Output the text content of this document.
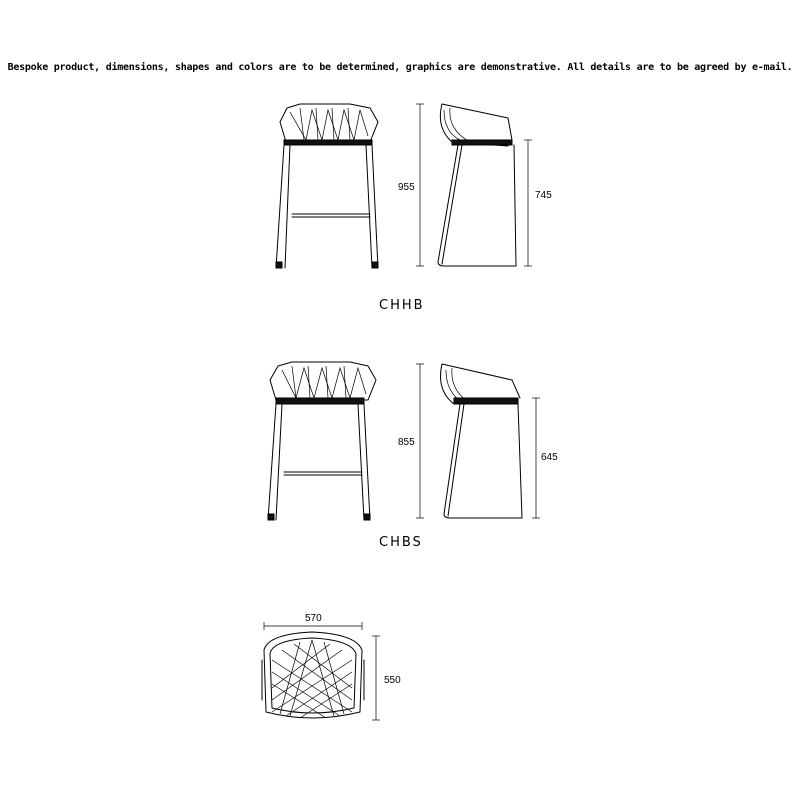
Bespoke product, dimensions, shapes and colors are to be determined, graphics are demonstrative. All details are to be agreed by e-mail.
955
745
CHHB
855
645
CHBS
570
550
